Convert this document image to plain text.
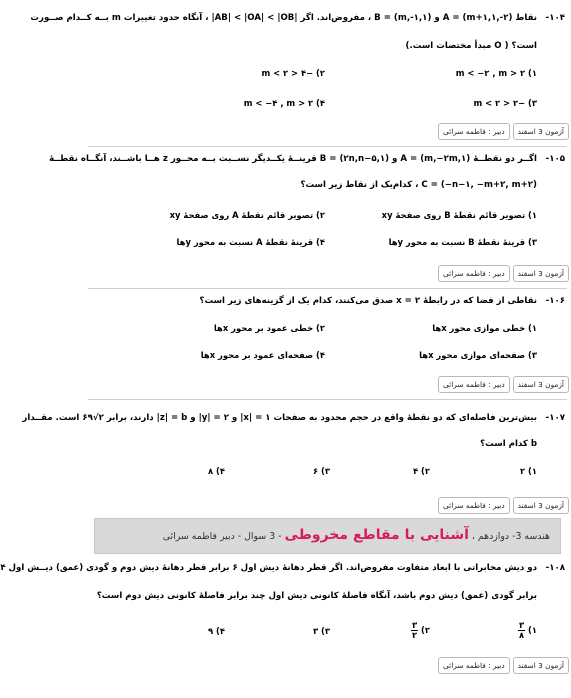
۱۰۴-
نقاط (۲-,۱,۱+m) = A و (۱,۱-,m) = B ، مفروض‌اند. اگر |AB| < |OA| < |OB| ، آنگاه حدود تغییرات m بــه کــدام صــورت
است؟ ( O مبدأ مختصات است.)
۱) m < −۲ , m > ۲
۲) −۴ < m < ۲
۳) −۲ < m < ۲
۴) m < −۴ , m > ۲
آزمون 3 اسفند
دبیر : فاطمه سرائی
۱۰۵-
اگــر دو نقطــهٔ (m,−۲m,۱) = A و (۲n,n−۵,۱) = B قرینــهٔ یکــدیگر نســبت بــه محــور z هــا باشــند، آنگــاه نقطــهٔ
C = (−n−۱, −m+۲, m+۲) ، کدام‌یک از نقاط زیر است؟
۱) تصویر قائم نقطهٔ B روی صفحهٔ xy
۲) تصویر قائم نقطهٔ A روی صفحهٔ xy
۳) قرینهٔ نقطهٔ B نسبت به محور yها
۴) قرینهٔ نقطهٔ A نسبت به محور yها
آزمون 3 اسفند
دبیر : فاطمه سرائی
۱۰۶-
نقاطی از فضا که در رابطهٔ x = ۲ صدق می‌کنند، کدام یک از گزینه‌های زیر است؟
۱) خطی موازی محور xها
۲) خطی عمود بر محور xها
۳) صفحه‌ای موازی محور xها
۴) صفحه‌ای عمود بر محور xها
آزمون 3 اسفند
دبیر : فاطمه سرائی
۱۰۷-
بیش‌ترین فاصله‌ای که دو نقطهٔ واقع در حجم محدود به صفحات x| = ۱| و y| = ۲| و z| = b| دارند، برابر ۲√۶۹ است. مقــدار
b کدام است؟
۱) ۲
۲) ۴
۳) ۶
۴) ۸
آزمون 3 اسفند
دبیر : فاطمه سرائی
هندسه 3- دوازدهم ، آشنایی با مقاطع مخروطی - 3 سوال - دبیر فاطمه سرائی
۱۰۸-
دو دیش مخابراتی با ابعاد متفاوت مفروض‌اند. اگر قطر دهانهٔ دیش اول ۶ برابر قطر دهانهٔ دیش دوم و گودی (عمق) دیــش اول ۴
برابر گودی (عمق) دیش دوم باشد، آنگاه فاصلهٔ کانونی دیش اول چند برابر فاصلهٔ کانونی دیش دوم است؟
۱)
$\frac{۳}{۸}$
۲)
$\frac{۳}{۲}$
۳) ۳
۴) ۹
آزمون 3 اسفند
دبیر : فاطمه سرائی
